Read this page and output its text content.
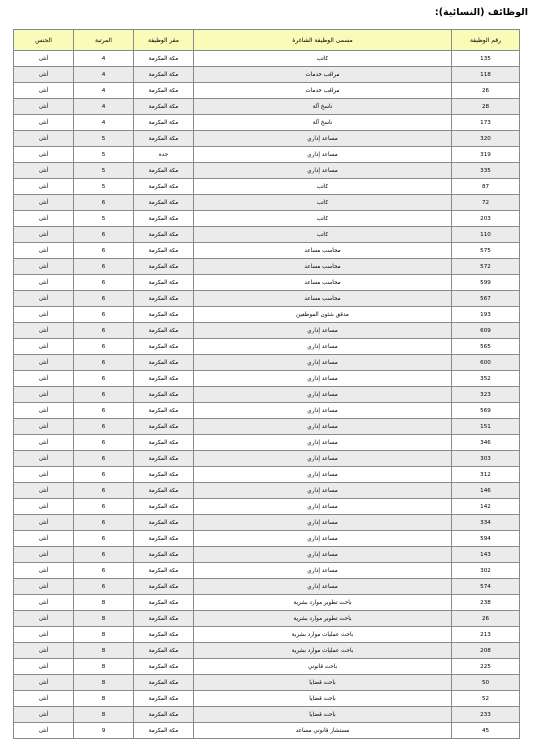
الوظائف (النسائية):
رقم الوظيفة	مسمى الوظيفة الشاغرة	مقر الوظيفة	المرتبة	الجنس
135	كاتب	مكة المكرمة	4	أنثى
118	مراقب خدمات	مكة المكرمة	4	أنثى
26	مراقب خدمات	مكة المكرمة	4	أنثى
28	ناسخ آلة	مكة المكرمة	4	أنثى
173	ناسخ آلة	مكة المكرمة	4	أنثى
320	مساعد إداري	مكة المكرمة	5	أنثى
319	مساعد إداري	جدة	5	أنثى
335	مساعد إداري	مكة المكرمة	5	أنثى
87	كاتب	مكة المكرمة	5	أنثى
72	كاتب	مكة المكرمة	6	أنثى
203	كاتب	مكة المكرمة	5	أنثى
110	كاتب	مكة المكرمة	6	أنثى
575	محاسب مساعد	مكة المكرمة	6	أنثى
572	محاسب مساعد	مكة المكرمة	6	أنثى
599	محاسب مساعد	مكة المكرمة	6	أنثى
567	محاسب مساعد	مكة المكرمة	6	أنثى
193	مدقق شئون الموظفين	مكة المكرمة	6	أنثى
609	مساعد إداري	مكة المكرمة	6	أنثى
565	مساعد إداري	مكة المكرمة	6	أنثى
600	مساعد إداري	مكة المكرمة	6	أنثى
352	مساعد إداري	مكة المكرمة	6	أنثى
323	مساعد إداري	مكة المكرمة	6	أنثى
569	مساعد إداري	مكة المكرمة	6	أنثى
151	مساعد إداري	مكة المكرمة	6	أنثى
346	مساعد إداري	مكة المكرمة	6	أنثى
303	مساعد إداري	مكة المكرمة	6	أنثى
312	مساعد إداري	مكة المكرمة	6	أنثى
146	مساعد إداري	مكة المكرمة	6	أنثى
142	مساعد إداري	مكة المكرمة	6	أنثى
334	مساعد إداري	مكة المكرمة	6	أنثى
594	مساعد إداري	مكة المكرمة	6	أنثى
143	مساعد إداري	مكة المكرمة	6	أنثى
302	مساعد إداري	مكة المكرمة	6	أنثى
574	مساعد إداري	مكة المكرمة	6	أنثى
238	باحث تطوير موارد بشرية	مكة المكرمة	8	أنثى
26	باحث تطوير موارد بشرية	مكة المكرمة	8	أنثى
213	باحث عمليات موارد بشرية	مكة المكرمة	8	أنثى
208	باحث عمليات موارد بشرية	مكة المكرمة	8	أنثى
225	باحث قانوني	مكة المكرمة	8	أنثى
50	باحث قضايا	مكة المكرمة	8	أنثى
52	باحث قضايا	مكة المكرمة	8	أنثى
233	باحث قضايا	مكة المكرمة	8	أنثى
45	مستشار قانوني مساعد	مكة المكرمة	9	أنثى
